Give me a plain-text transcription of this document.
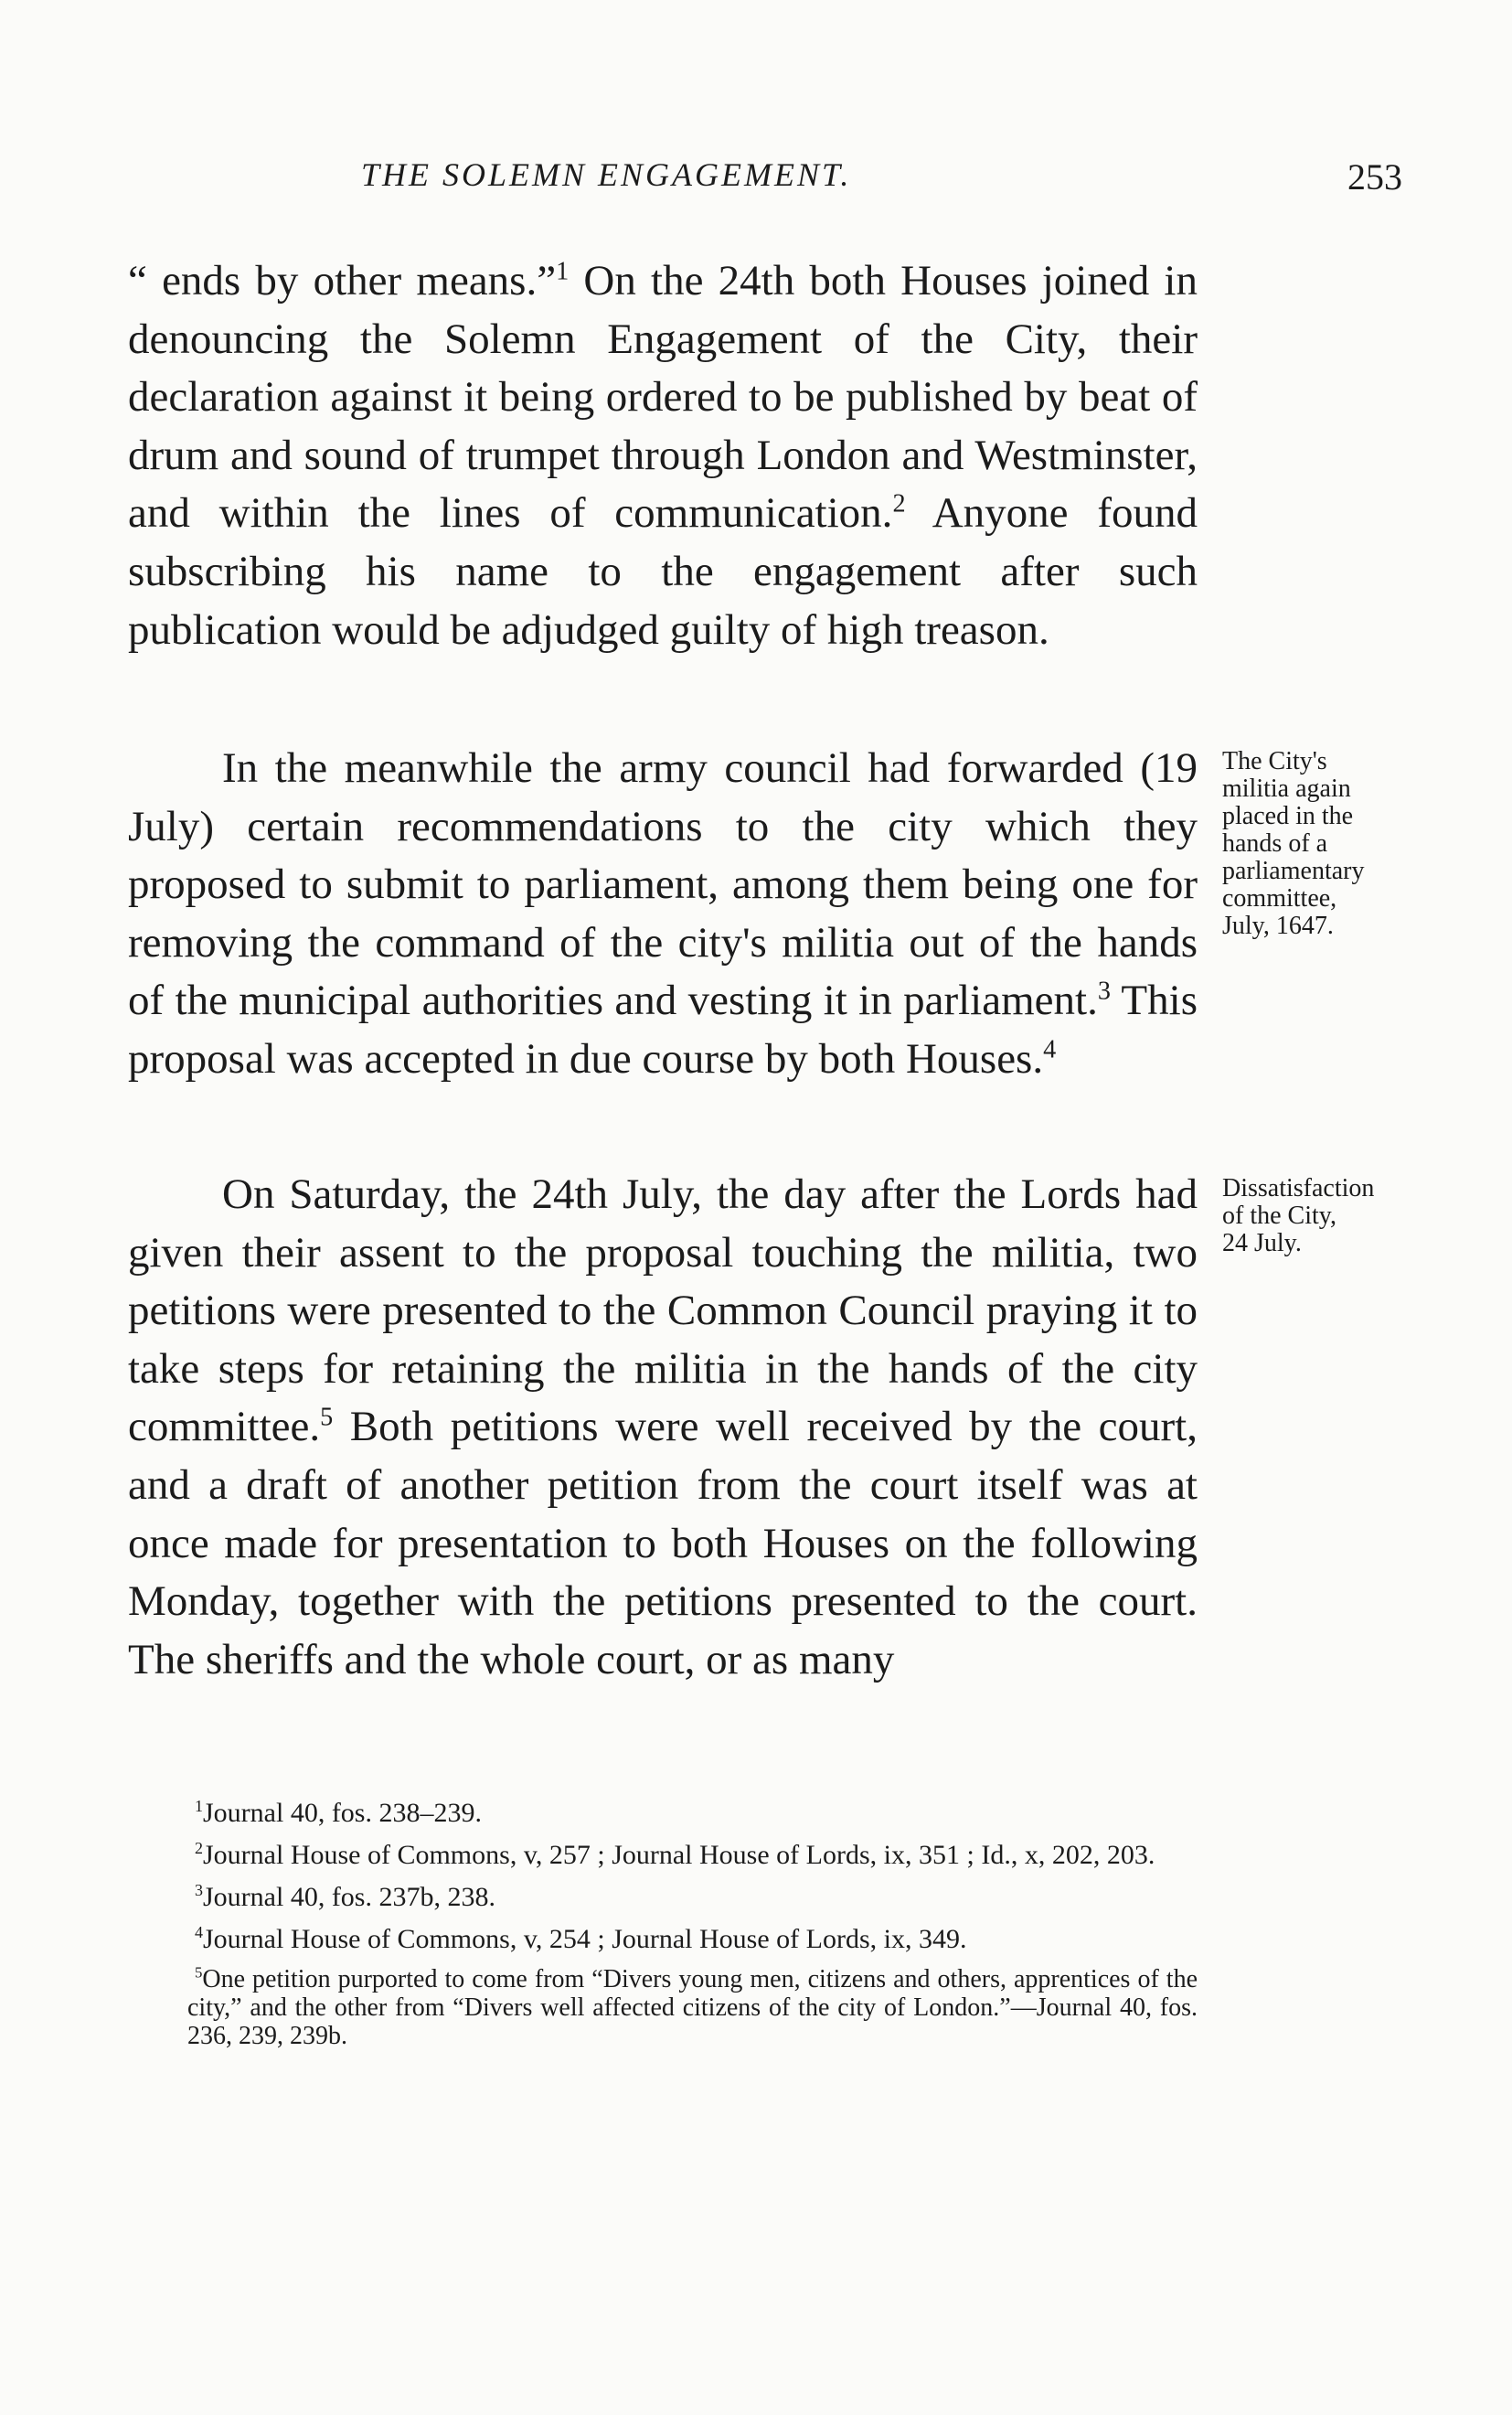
THE SOLEMN ENGAGEMENT.	253

“ ends by other means.”$^1$ On the 24th both Houses joined in denouncing the Solemn Engagement of the City, their declaration against it being ordered to be published by beat of drum and sound of trumpet through London and Westminster, and within the lines of communication.$^2$ Anyone found subscribing his name to the engagement after such publication would be adjudged guilty of high treason.

In the meanwhile the army council had forwarded (19 July) certain recommendations to the city which they proposed to submit to parliament, among them being one for removing the command of the city's militia out of the hands of the municipal authorities and vesting it in parliament.$^3$ This proposal was accepted in due course by both Houses.$^4$

On Saturday, the 24th July, the day after the Lords had given their assent to the proposal touching the militia, two petitions were presented to the Common Council praying it to take steps for retaining the militia in the hands of the city committee.$^5$ Both petitions were well received by the court, and a draft of another petition from the court itself was at once made for presentation to both Houses on the following Monday, together with the petitions presented to the court. The sheriffs and the whole court, or as many

The City's
militia again
placed in the
hands of a
parliamentary
committee,
July, 1647.
Dissatisfaction
of the City,
24 July.

$^1$Journal 40, fos. 238–239.

$^2$Journal House of Commons, v, 257 ; Journal House of Lords, ix, 351 ; Id., x, 202, 203.

$^3$Journal 40, fos. 237b, 238.

$^4$Journal House of Commons, v, 254 ; Journal House of Lords, ix, 349.

$^5$One petition purported to come from “Divers young men, citizens and others, apprentices of the city,” and the other from “Divers well affected citizens of the city of London.”—Journal 40, fos. 236, 239, 239b.
